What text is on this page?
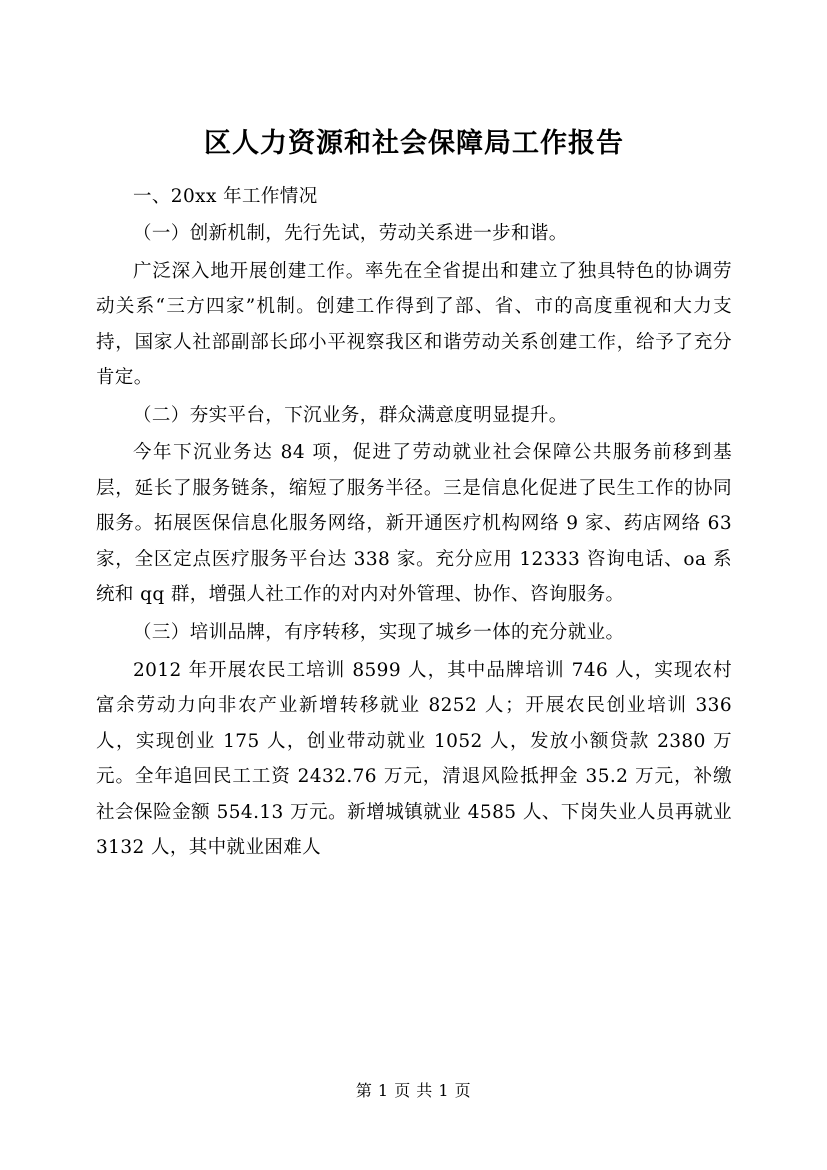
区人力资源和社会保障局工作报告

一、20xx 年工作情况

（一）创新机制，先行先试，劳动关系进一步和谐。

广泛深入地开展创建工作。率先在全省提出和建立了独具特色的协调劳动关系“三方四家”机制。创建工作得到了部、省、市的高度重视和大力支持，国家人社部副部长邱小平视察我区和谐劳动关系创建工作，给予了充分肯定。

（二）夯实平台，下沉业务，群众满意度明显提升。

今年下沉业务达 84 项，促进了劳动就业社会保障公共服务前移到基层，延长了服务链条，缩短了服务半径。三是信息化促进了民生工作的协同服务。拓展医保信息化服务网络，新开通医疗机构网络 9 家、药店网络 63 家，全区定点医疗服务平台达 338 家。充分应用 12333 咨询电话、oa 系统和 qq 群，增强人社工作的对内对外管理、协作、咨询服务。

（三）培训品牌，有序转移，实现了城乡一体的充分就业。

2012 年开展农民工培训 8599 人，其中品牌培训 746 人，实现农村富余劳动力向非农产业新增转移就业 8252 人；开展农民创业培训 336 人，实现创业 175 人，创业带动就业 1052 人，发放小额贷款 2380 万元。全年追回民工工资 2432.76 万元，清退风险抵押金 35.2 万元，补缴社会保险金额 554.13 万元。新增城镇就业 4585 人、下岗失业人员再就业 3132 人，其中就业困难人

第 1 页 共 1 页
